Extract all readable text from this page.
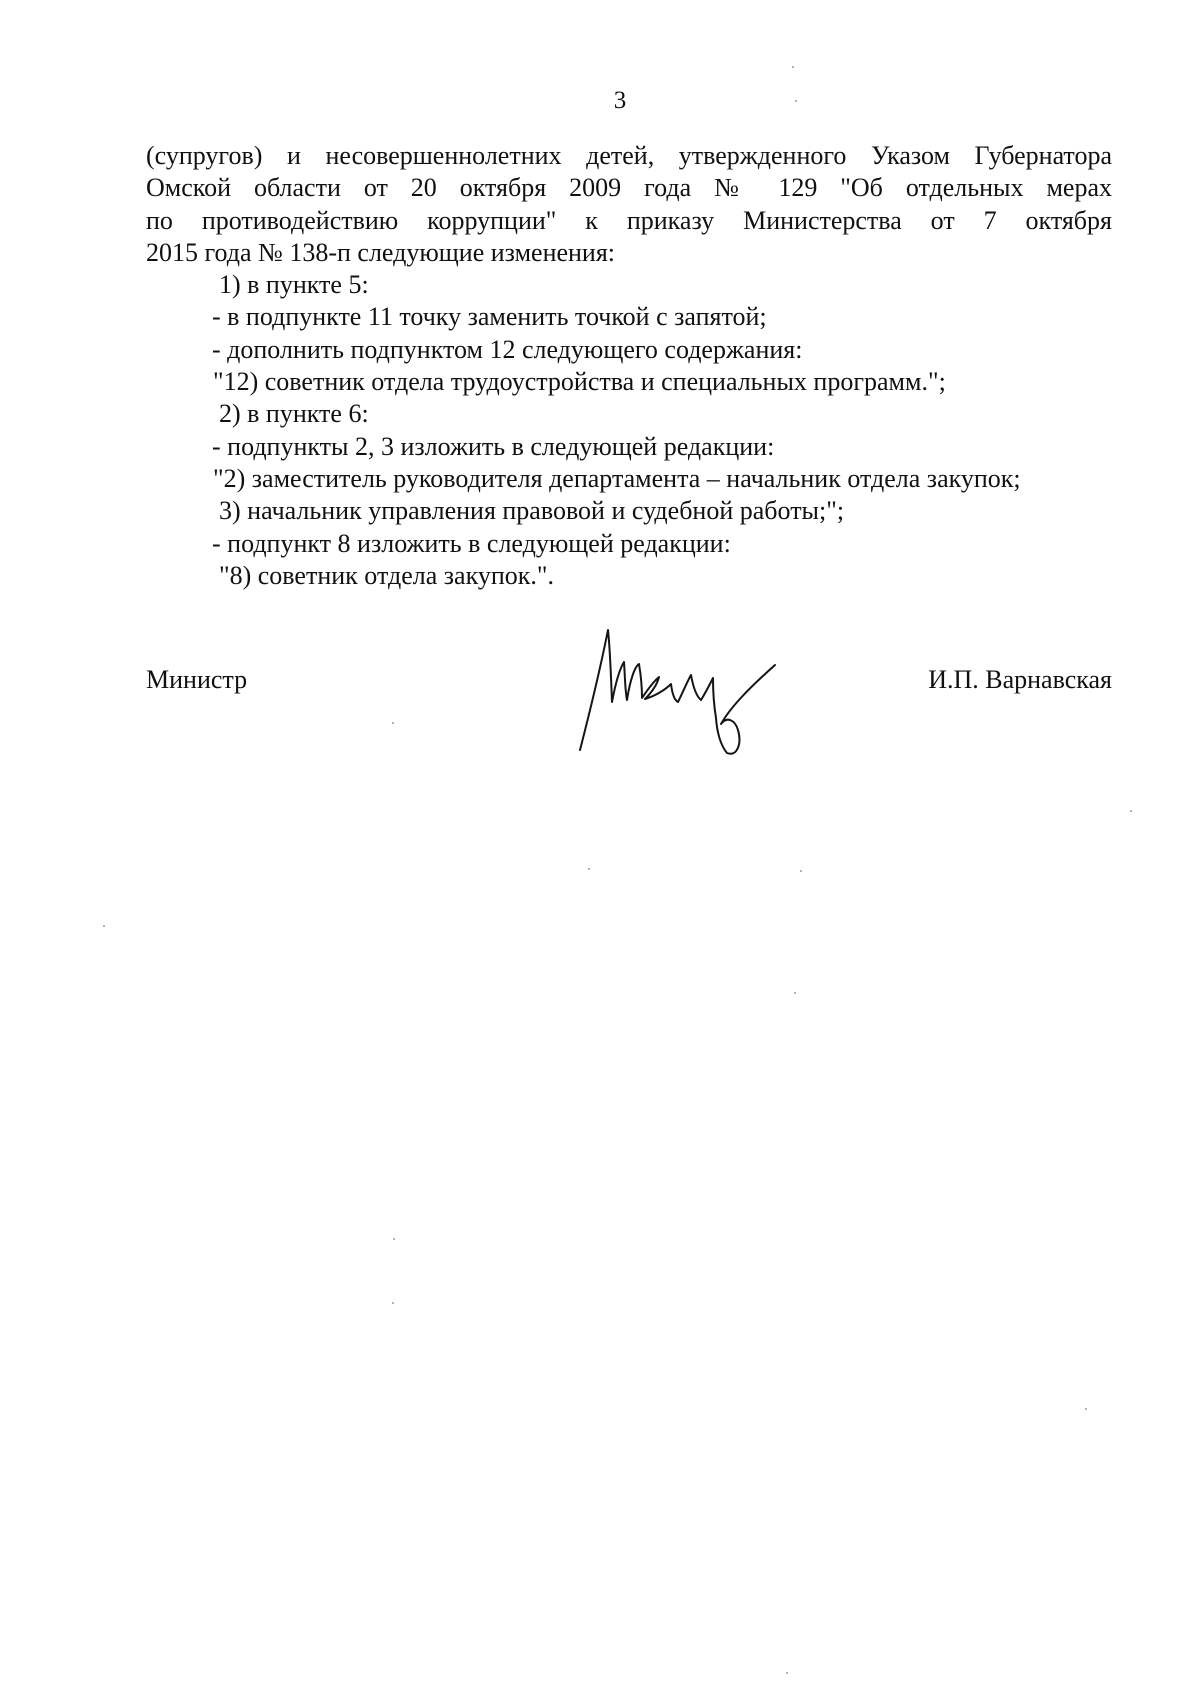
3
(супругов) и несовершеннолетних детей, утвержденного Указом Губернатора
Омской области от 20 октября 2009 года № 129 "Об отдельных мерах
по противодействию коррупции" к приказу Министерства от 7 октября
2015 года № 138-п следующие изменения:
1) в пункте 5:
- в подпункте 11 точку заменить точкой с запятой;
- дополнить подпунктом 12 следующего содержания:
"12) советник отдела трудоустройства и специальных программ.";
2) в пункте 6:
- подпункты 2, 3 изложить в следующей редакции:
"2) заместитель руководителя департамента – начальник отдела закупок;
3) начальник управления правовой и судебной работы;";
- подпункт 8 изложить в следующей редакции:
"8) советник отдела закупок.".
Министр	И.П. Варнавская
